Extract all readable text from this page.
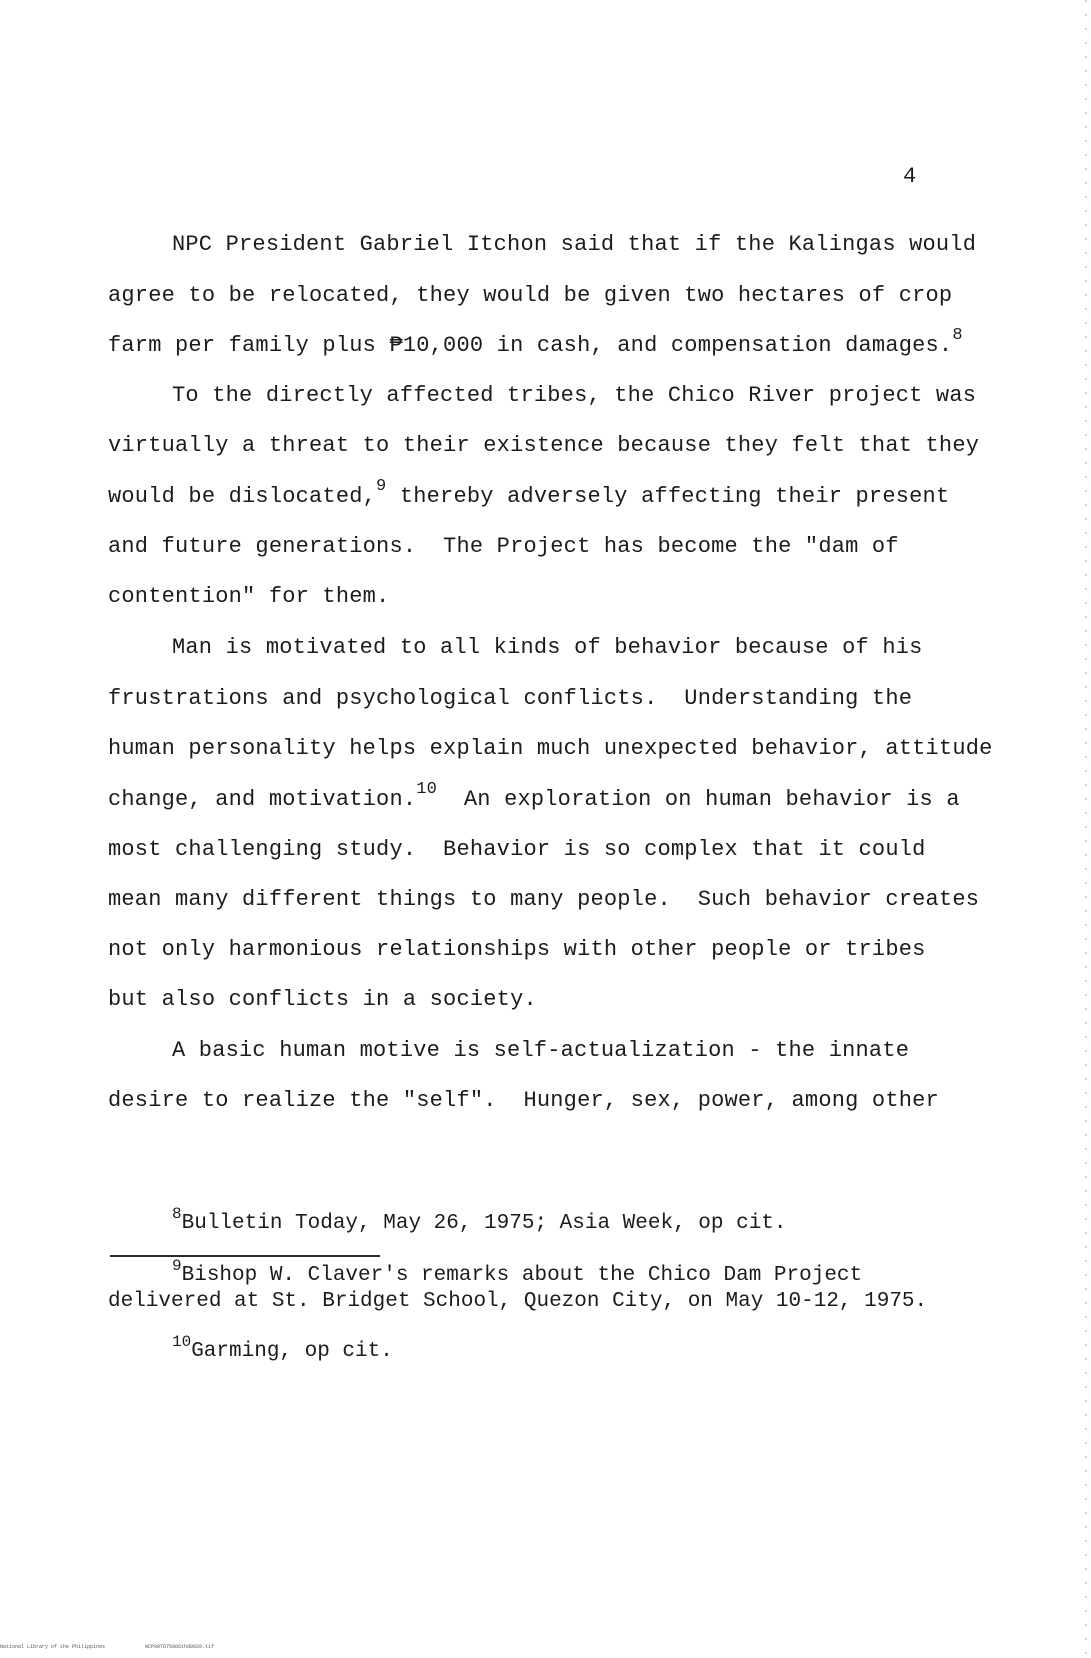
4
NPC President Gabriel Itchon said that if the Kalingas would
agree to be relocated, they would be given two hectares of crop
farm per family plus ₱10,000 in cash, and compensation damages.$^8$
To the directly affected tribes, the Chico River project was
virtually a threat to their existence because they felt that they
would be dislocated,$^9$ thereby adversely affecting their present
and future generations.  The Project has become the "dam of
contention" for them.
Man is motivated to all kinds of behavior because of his
frustrations and psychological conflicts.  Understanding the
human personality helps explain much unexpected behavior, attitude
change, and motivation.$^{10}$  An exploration on human behavior is a
most challenging study.  Behavior is so complex that it could
mean many different things to many people.  Such behavior creates
not only harmonious relationships with other people or tribes
but also conflicts in a society.
A basic human motive is self-actualization - the innate
desire to realize the "self".  Hunger, sex, power, among other
$^8$Bulletin Today, May 26, 1975; Asia Week, op cit.
$^9$Bishop W. Claver's remarks about the Chico Dam Project
delivered at St. Bridget School, Quezon City, on May 10-12, 1975.
$^{10}$Garming, op cit.
National Library of the Philippines	NCP00TD75066thd0020.tif
